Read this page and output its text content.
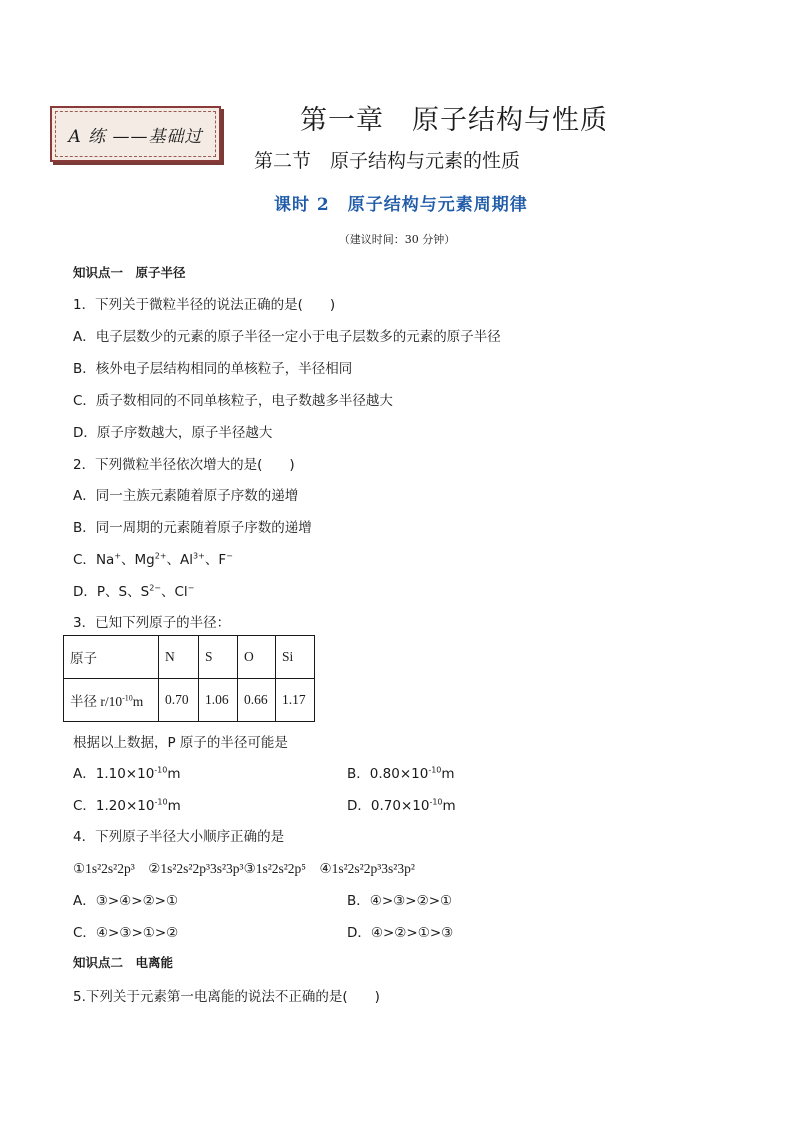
A 练 ——基础过
第一章　原子结构与性质
第二节　原子结构与元素的性质
课时 2　原子结构与元素周期律
（建议时间：30 分钟）
知识点一　原子半径
1．下列关于微粒半径的说法正确的是(　　)
A．电子层数少的元素的原子半径一定小于电子层数多的元素的原子半径
B．核外电子层结构相同的单核粒子，半径相同
C．质子数相同的不同单核粒子，电子数越多半径越大
D．原子序数越大，原子半径越大
2．下列微粒半径依次增大的是(　　)
A．同一主族元素随着原子序数的递增
B．同一周期的元素随着原子序数的递增
C．Na+、$Mg^{2+}$、$Al^{3+}$、F−
D．P、S、$S^{2-}$、Cl−
3．已知下列原子的半径：
原子	N	S	O	Si
半径 $r/10^{-10}m$	0.70	1.06	0.66	1.17
根据以上数据，P 原子的半径可能是
A．$1.10\times 10^{-10}m$	B．$0.80\times 10^{-10}m$
C．$1.20\times 10^{-10}m$	D．$0.70\times 10^{-10}m$
4．下列原子半径大小顺序正确的是
①1s²2s²2p³　②1s²2s²2p³3s²3p³③1s²2s²2p⁵　④1s²2s²2p³3s²3p²
A．③>④>②>①	B．④>③>②>①
C．④>③>①>②	D．④>②>①>③
知识点二　电离能
5.下列关于元素第一电离能的说法不正确的是(　　)
